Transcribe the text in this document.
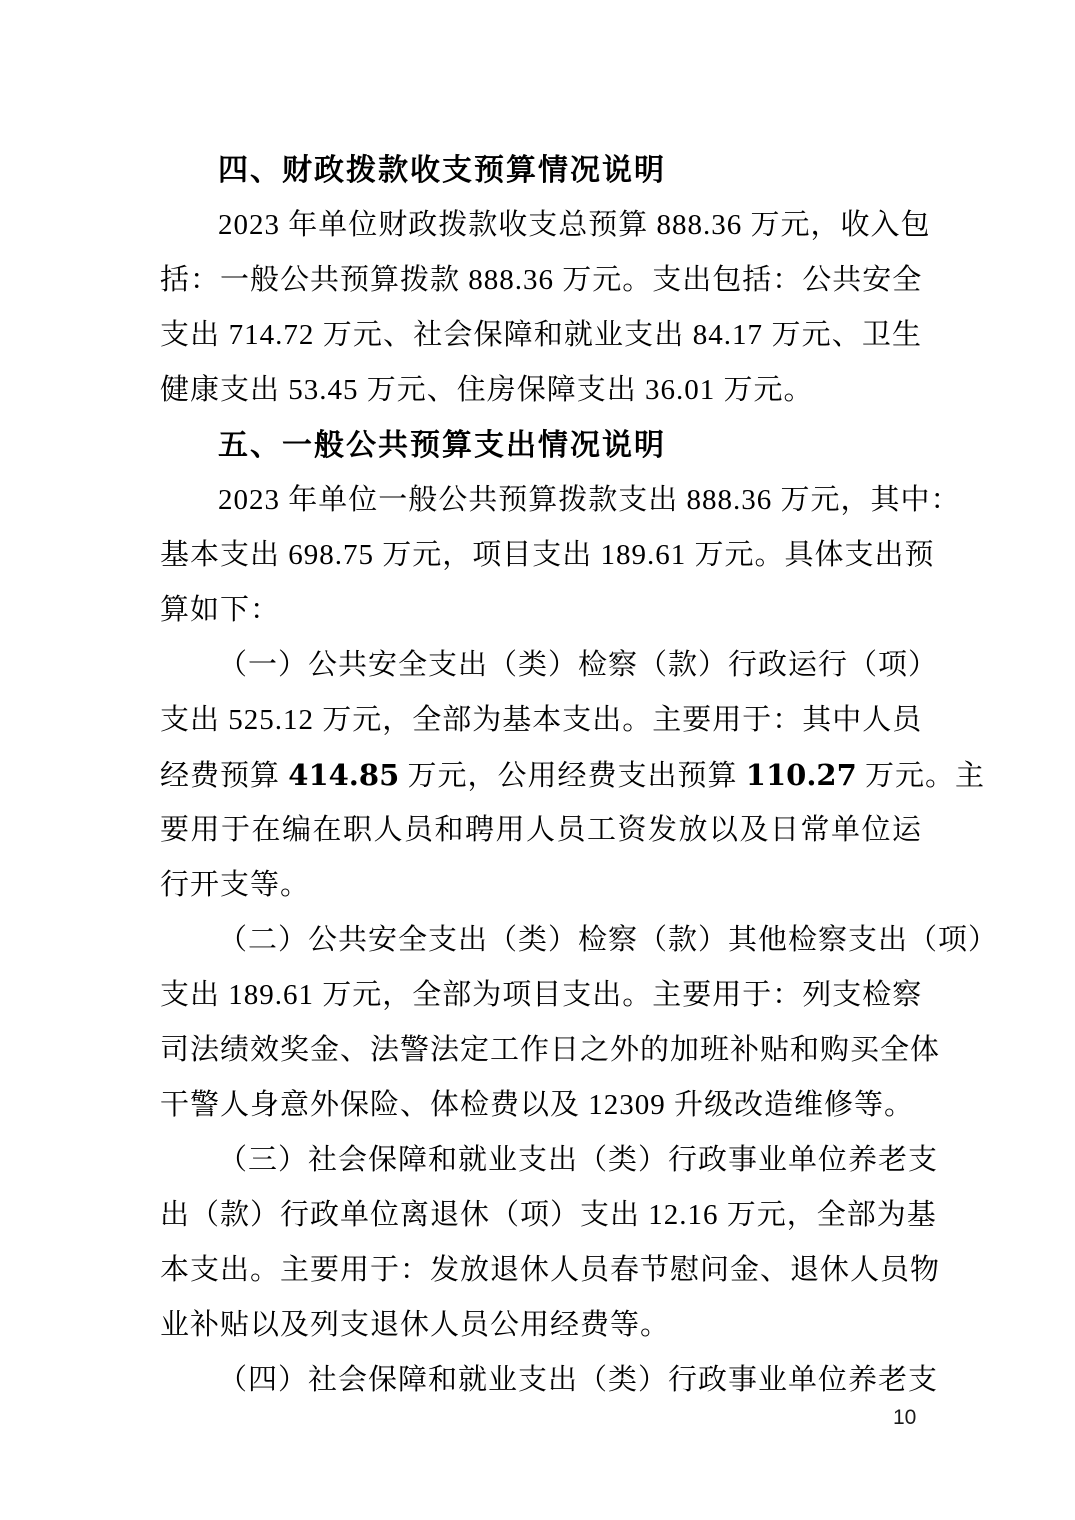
四、财政拨款收支预算情况说明
2023 年单位财政拨款收支总预算 888.36 万元，收入包
括：一般公共预算拨款 888.36 万元。支出包括：公共安全
支出 714.72 万元、社会保障和就业支出 84.17 万元、卫生
健康支出 53.45 万元、住房保障支出 36.01 万元。
五、一般公共预算支出情况说明
2023 年单位一般公共预算拨款支出 888.36 万元，其中：
基本支出 698.75 万元，项目支出 189.61 万元。具体支出预
算如下：
（一）公共安全支出（类）检察（款）行政运行（项）
支出 525.12 万元，全部为基本支出。主要用于：其中人员
经费预算 414.85 万元，公用经费支出预算 110.27 万元。主
要用于在编在职人员和聘用人员工资发放以及日常单位运
行开支等。
（二）公共安全支出（类）检察（款）其他检察支出（项）
支出 189.61 万元，全部为项目支出。主要用于：列支检察
司法绩效奖金、法警法定工作日之外的加班补贴和购买全体
干警人身意外保险、体检费以及 12309 升级改造维修等。
（三）社会保障和就业支出（类）行政事业单位养老支
出（款）行政单位离退休（项）支出 12.16 万元，全部为基
本支出。主要用于：发放退休人员春节慰问金、退休人员物
业补贴以及列支退休人员公用经费等。
（四）社会保障和就业支出（类）行政事业单位养老支
10
